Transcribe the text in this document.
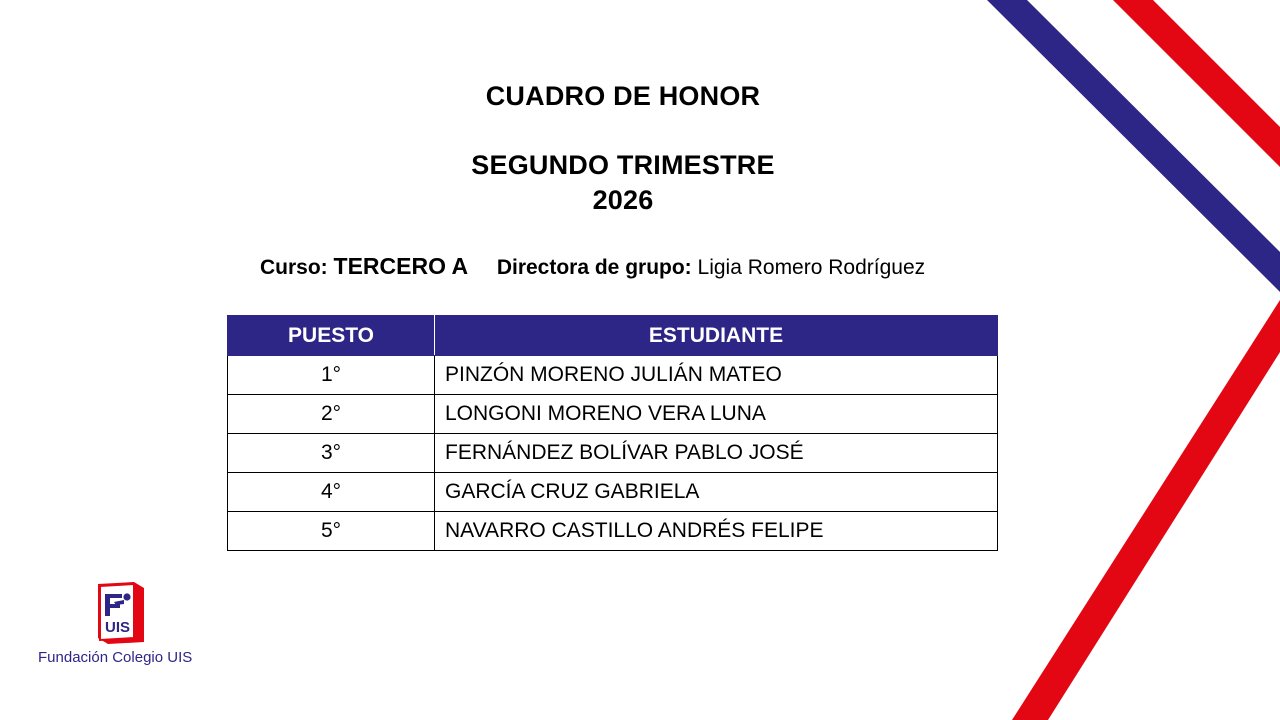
CUADRO DE HONOR
SEGUNDO TRIMESTRE
2026
Curso: TERCERO A Directora de grupo: Ligia Romero Rodríguez
PUESTO	ESTUDIANTE
1°	PINZÓN MORENO JULIÁN MATEO
2°	LONGONI MORENO VERA LUNA
3°	FERNÁNDEZ BOLÍVAR PABLO JOSÉ
4°	GARCÍA CRUZ GABRIELA
5°	NAVARRO CASTILLO ANDRÉS FELIPE
UIS
Fundación Colegio UIS
